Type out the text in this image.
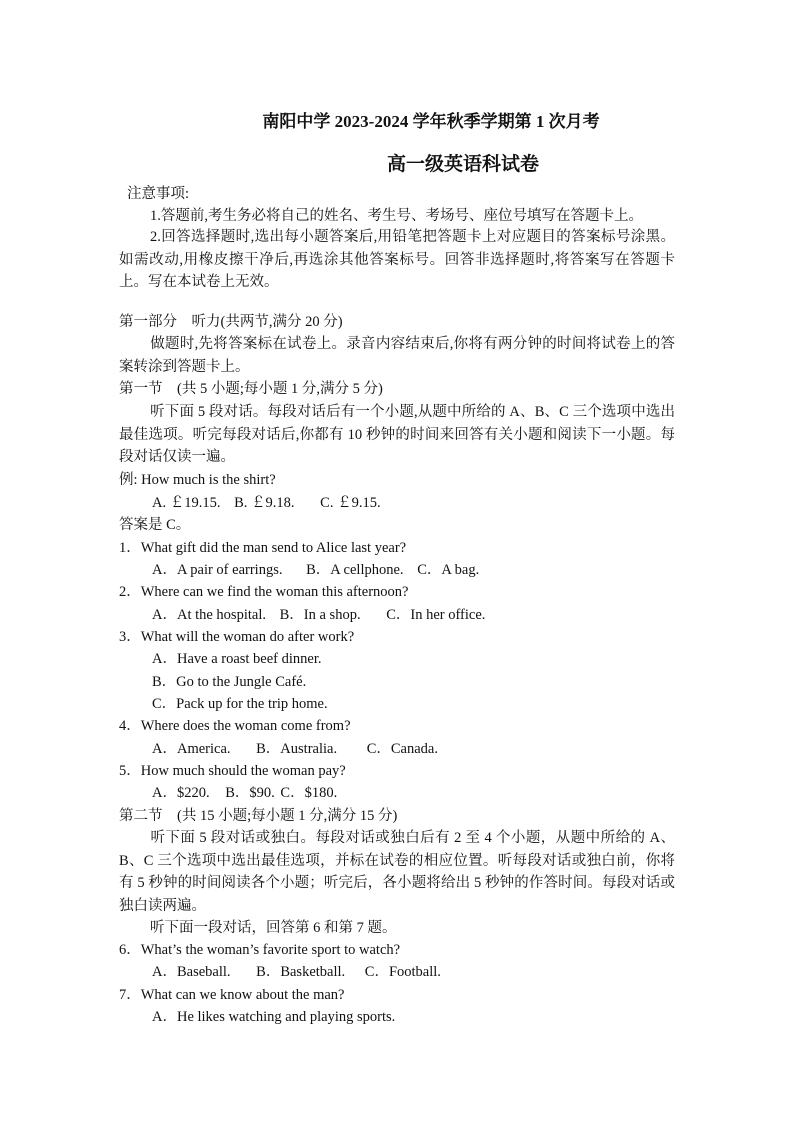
南阳中学 2023-2024 学年秋季学期第 1 次月考
高一级英语科试卷
注意事项:
1.答题前,考生务必将自己的姓名、考生号、考场号、座位号填写在答题卡上。
2.回答选择题时,选出每小题答案后,用铅笔把答题卡上对应题目的答案标号涂黑。如需改动,用橡皮擦干净后,再选涂其他答案标号。回答非选择题时,将答案写在答题卡上。写在本试卷上无效。
第一部分　听力(共两节,满分 20 分)
做题时,先将答案标在试卷上。录音内容结束后,你将有两分钟的时间将试卷上的答案转涂到答题卡上。
第一节　(共 5 小题;每小题 1 分,满分 5 分)
听下面 5 段对话。每段对话后有一个小题,从题中所给的 A、B、C 三个选项中选出最佳选项。听完每段对话后,你都有 10 秒钟的时间来回答有关小题和阅读下一小题。每段对话仅读一遍。
例: How much is the shirt?
A. ￡19.15. B. ￡9.18. C. ￡9.15.
答案是 C。
1．What gift did the man send to Alice last year?
A．A pair of earrings. B．A cellphone. C．A bag.
2．Where can we find the woman this afternoon?
A．At the hospital. B．In a shop. C．In her office.
3．What will the woman do after work?
A．Have a roast beef dinner.
B．Go to the Jungle Café.
C．Pack up for the trip home.
4．Where does the woman come from?
A．America. B．Australia. C．Canada.
5．How much should the woman pay?
A．$220. B．$90. C．$180.
第二节　(共 15 小题;每小题 1 分,满分 15 分)
听下面 5 段对话或独白。每段对话或独白后有 2 至 4 个小题，从题中所给的 A、B、C 三个选项中选出最佳选项，并标在试卷的相应位置。听每段对话或独白前，你将有 5 秒钟的时间阅读各个小题；听完后，各小题将给出 5 秒钟的作答时间。每段对话或独白读两遍。
听下面一段对话，回答第 6 和第 7 题。
6．What’s the woman’s favorite sport to watch?
A．Baseball. B．Basketball. C．Football.
7．What can we know about the man?
A．He likes watching and playing sports.
